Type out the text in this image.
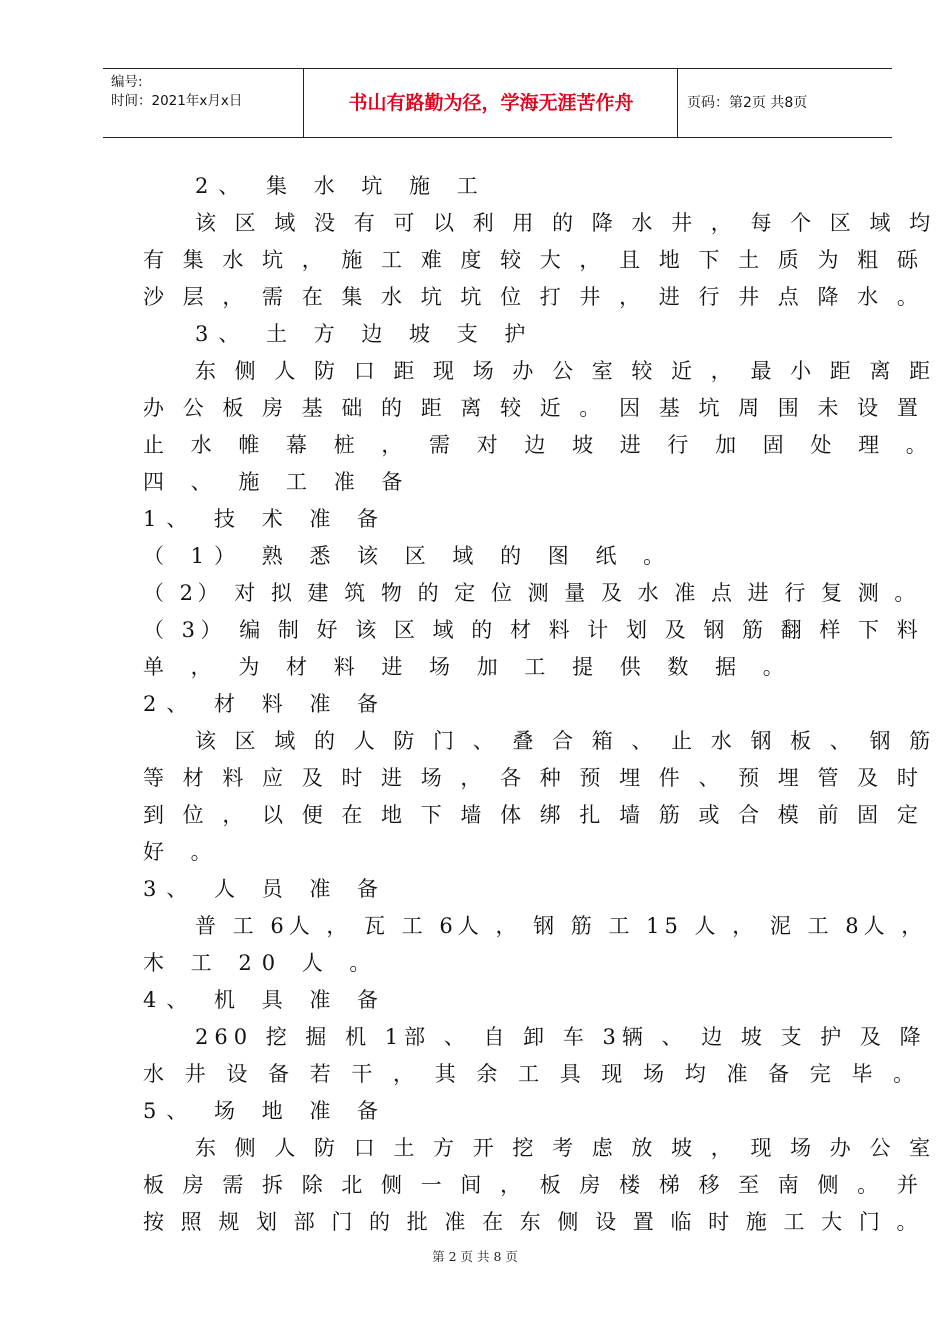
编号:
时间：2021年x月x日	书山有路勤为径，学海无涯苦作舟	页码：第2页 共8页
2、 集 水 坑 施 工
该 区 域 没 有 可 以 利 用 的 降 水 井 ， 每 个 区 域 均
有 集 水 坑 ， 施 工 难 度 较 大 ， 且 地 下 土 质 为 粗 砾
沙 层 ， 需 在 集 水 坑 坑 位 打 井 ， 进 行 井 点 降 水 。
3、 土 方 边 坡 支 护
东 侧 人 防 口 距 现 场 办 公 室 较 近 ， 最 小 距 离 距
办 公 板 房 基 础 的 距 离 较 近 。 因 基 坑 周 围 未 设 置
止 水 帷 幕 桩 ， 需 对 边 坡 进 行 加 固 处 理 。
四 、 施 工 准 备
1、 技 术 准 备
（ 1） 熟 悉 该 区 域 的 图 纸 。
（ 2） 对 拟 建 筑 物 的 定 位 测 量 及 水 准 点 进 行 复 测 。
（ 3） 编 制 好 该 区 域 的 材 料 计 划 及 钢 筋 翻 样 下 料
单 ， 为 材 料 进 场 加 工 提 供 数 据 。
2、 材 料 准 备
该 区 域 的 人 防 门 、 叠 合 箱 、 止 水 钢 板 、 钢 筋
等 材 料 应 及 时 进 场 ， 各 种 预 埋 件 、 预 埋 管 及 时
到 位 ， 以 便 在 地 下 墙 体 绑 扎 墙 筋 或 合 模 前 固 定
好 。
3、 人 员 准 备
普 工 6人 ， 瓦 工 6人 ， 钢 筋 工 15 人 ， 泥 工 8人 ，
木 工 20 人 。
4、 机 具 准 备
260 挖 掘 机 1部 、 自 卸 车 3辆 、 边 坡 支 护 及 降
水 井 设 备 若 干 ， 其 余 工 具 现 场 均 准 备 完 毕 。
5、 场 地 准 备
东 侧 人 防 口 土 方 开 挖 考 虑 放 坡 ， 现 场 办 公 室
板 房 需 拆 除 北 侧 一 间 ， 板 房 楼 梯 移 至 南 侧 。 并
按 照 规 划 部 门 的 批 准 在 东 侧 设 置 临 时 施 工 大 门 。
第 2 页 共 8 页
